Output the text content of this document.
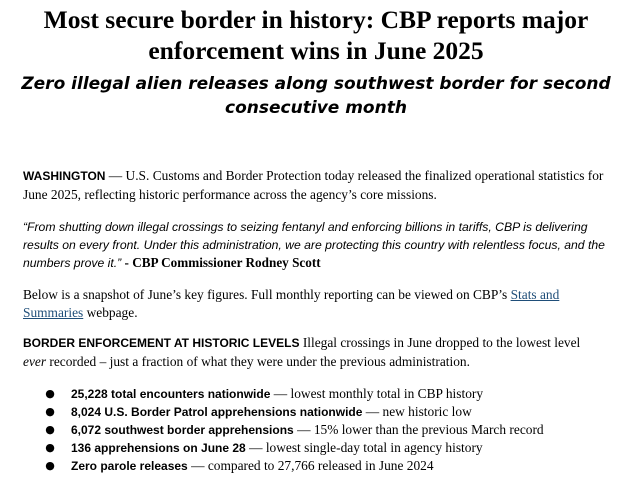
Most secure border in history: CBP reports major enforcement wins in June 2025
Zero illegal alien releases along southwest border for second consecutive month

WASHINGTON — U.S. Customs and Border Protection today released the finalized operational statistics for June 2025, reflecting historic performance across the agency’s core missions.

“From shutting down illegal crossings to seizing fentanyl and enforcing billions in tariffs, CBP is delivering results on every front. Under this administration, we are protecting this country with relentless focus, and the numbers prove it.” - CBP Commissioner Rodney Scott

Below is a snapshot of June’s key figures. Full monthly reporting can be viewed on CBP’s Stats and Summaries webpage.

BORDER ENFORCEMENT AT HISTORIC LEVELS Illegal crossings in June dropped to the lowest level ever recorded – just a fraction of what they were under the previous administration.

●	25,228 total encounters nationwide — lowest monthly total in CBP history
●	8,024 U.S. Border Patrol apprehensions nationwide — new historic low
●	6,072 southwest border apprehensions — 15% lower than the previous March record
●	136 apprehensions on June 28 — lowest single-day total in agency history
●	Zero parole releases — compared to 27,766 released in June 2024
